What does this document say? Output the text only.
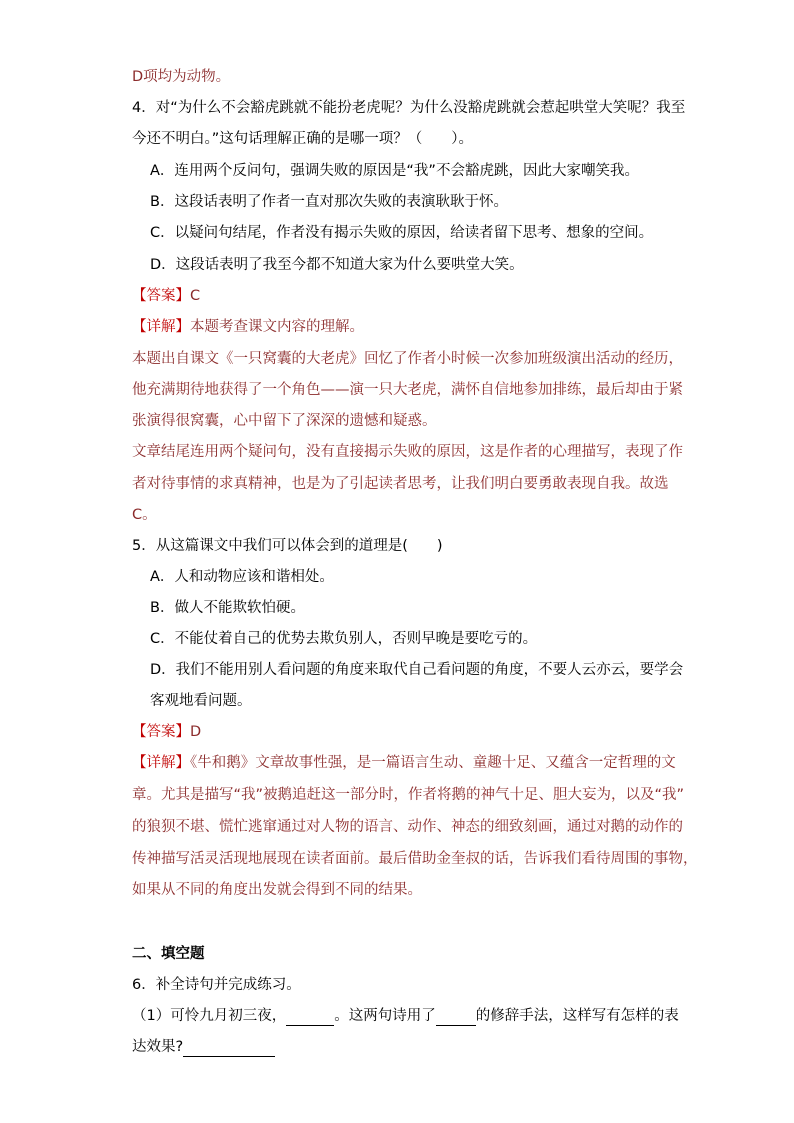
D项均为动物。
4．对“为什么不会豁虎跳就不能扮老虎呢？为什么没豁虎跳就会惹起哄堂大笑呢？我至
今还不明白。”这句话理解正确的是哪一项？（　　）。
A．连用两个反问句，强调失败的原因是“我”不会豁虎跳，因此大家嘲笑我。
B．这段话表明了作者一直对那次失败的表演耿耿于怀。
C．以疑问句结尾，作者没有揭示失败的原因，给读者留下思考、想象的空间。
D．这段话表明了我至今都不知道大家为什么要哄堂大笑。
【答案】C
【详解】本题考查课文内容的理解。
本题出自课文《一只窝囊的大老虎》回忆了作者小时候一次参加班级演出活动的经历，
他充满期待地获得了一个角色——演一只大老虎，满怀自信地参加排练，最后却由于紧
张演得很窝囊，心中留下了深深的遗憾和疑惑。
文章结尾连用两个疑问句，没有直接揭示失败的原因，这是作者的心理描写，表现了作
者对待事情的求真精神，也是为了引起读者思考，让我们明白要勇敢表现自我。故选
C。
5．从这篇课文中我们可以体会到的道理是(　　)
A．人和动物应该和谐相处。
B．做人不能欺软怕硬。
C．不能仗着自己的优势去欺负别人，否则早晚是要吃亏的。
D．我们不能用别人看问题的角度来取代自己看问题的角度，不要人云亦云，要学会
客观地看问题。
【答案】D
【详解】《牛和鹅》文章故事性强，是一篇语言生动、童趣十足、又蕴含一定哲理的文
章。尤其是描写“我”被鹅追赶这一部分时，作者将鹅的神气十足、胆大妄为，以及“我”
的狼狈不堪、慌忙逃窜通过对人物的语言、动作、神态的细致刻画，通过对鹅的动作的
传神描写活灵活现地展现在读者面前。最后借助金奎叔的话，告诉我们看待周围的事物，
如果从不同的角度出发就会得到不同的结果。
二、填空题
6．补全诗句并完成练习。
（1）可怜九月初三夜，	。这两句诗用了	的修辞手法，这样写有怎样的表
达效果?
